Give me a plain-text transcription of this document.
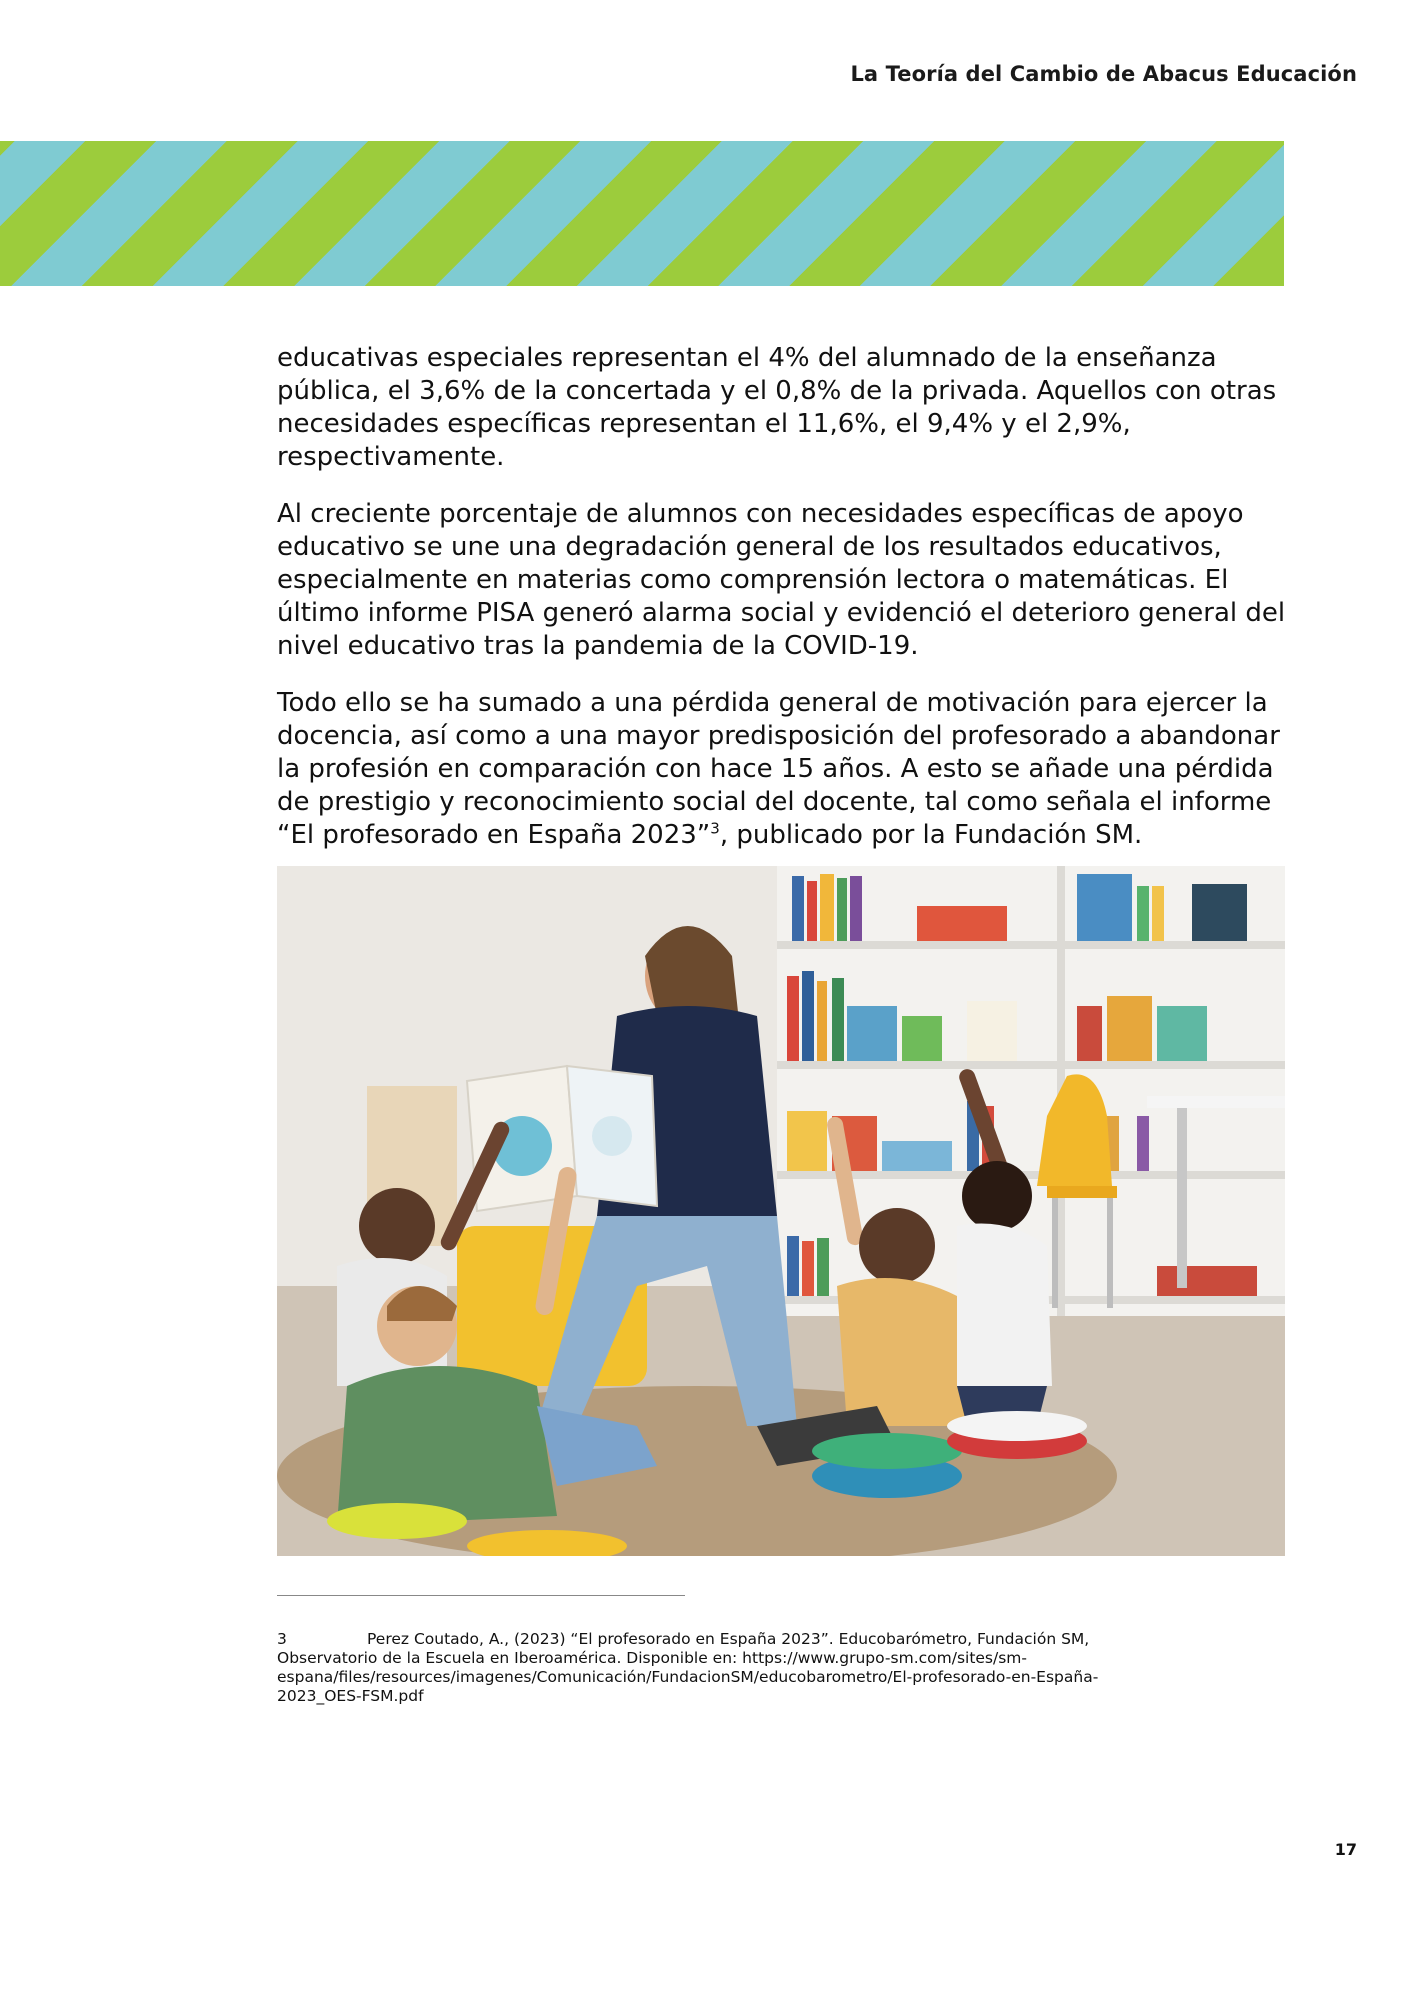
La Teoría del Cambio de Abacus Educación

educativas especiales representan el 4% del alumnado de la enseñanza pública, el 3,6% de la concertada y el 0,8% de la privada. Aquellos con otras necesidades específicas representan el 11,6%, el 9,4% y el 2,9%, respectivamente.

Al creciente porcentaje de alumnos con necesidades específicas de apoyo educativo se une una degradación general de los resultados educativos, especialmente en materias como comprensión lectora o matemáticas. El último informe PISA generó alarma social y evidenció el deterioro general del nivel educativo tras la pandemia de la COVID-19.

Todo ello se ha sumado a una pérdida general de motivación para ejercer la docencia, así como a una mayor predisposición del profesorado a abandonar la profesión en comparación con hace 15 años. A esto se añade una pérdida de prestigio y reconocimiento social del docente, tal como señala el informe “El profesorado en España 2023”$^3$, publicado por la Fundación SM.

3	Perez Coutado, A., (2023) “El profesorado en España 2023”. Educobarómetro, Fundación SM, Observatorio de la Escuela en Iberoamérica. Disponible en: https://www.grupo-sm.com/sites/sm-espana/files/resources/imagenes/Comunicación/FundacionSM/educobarometro/El-profesorado-en-España-2023_OES-FSM.pdf
17
